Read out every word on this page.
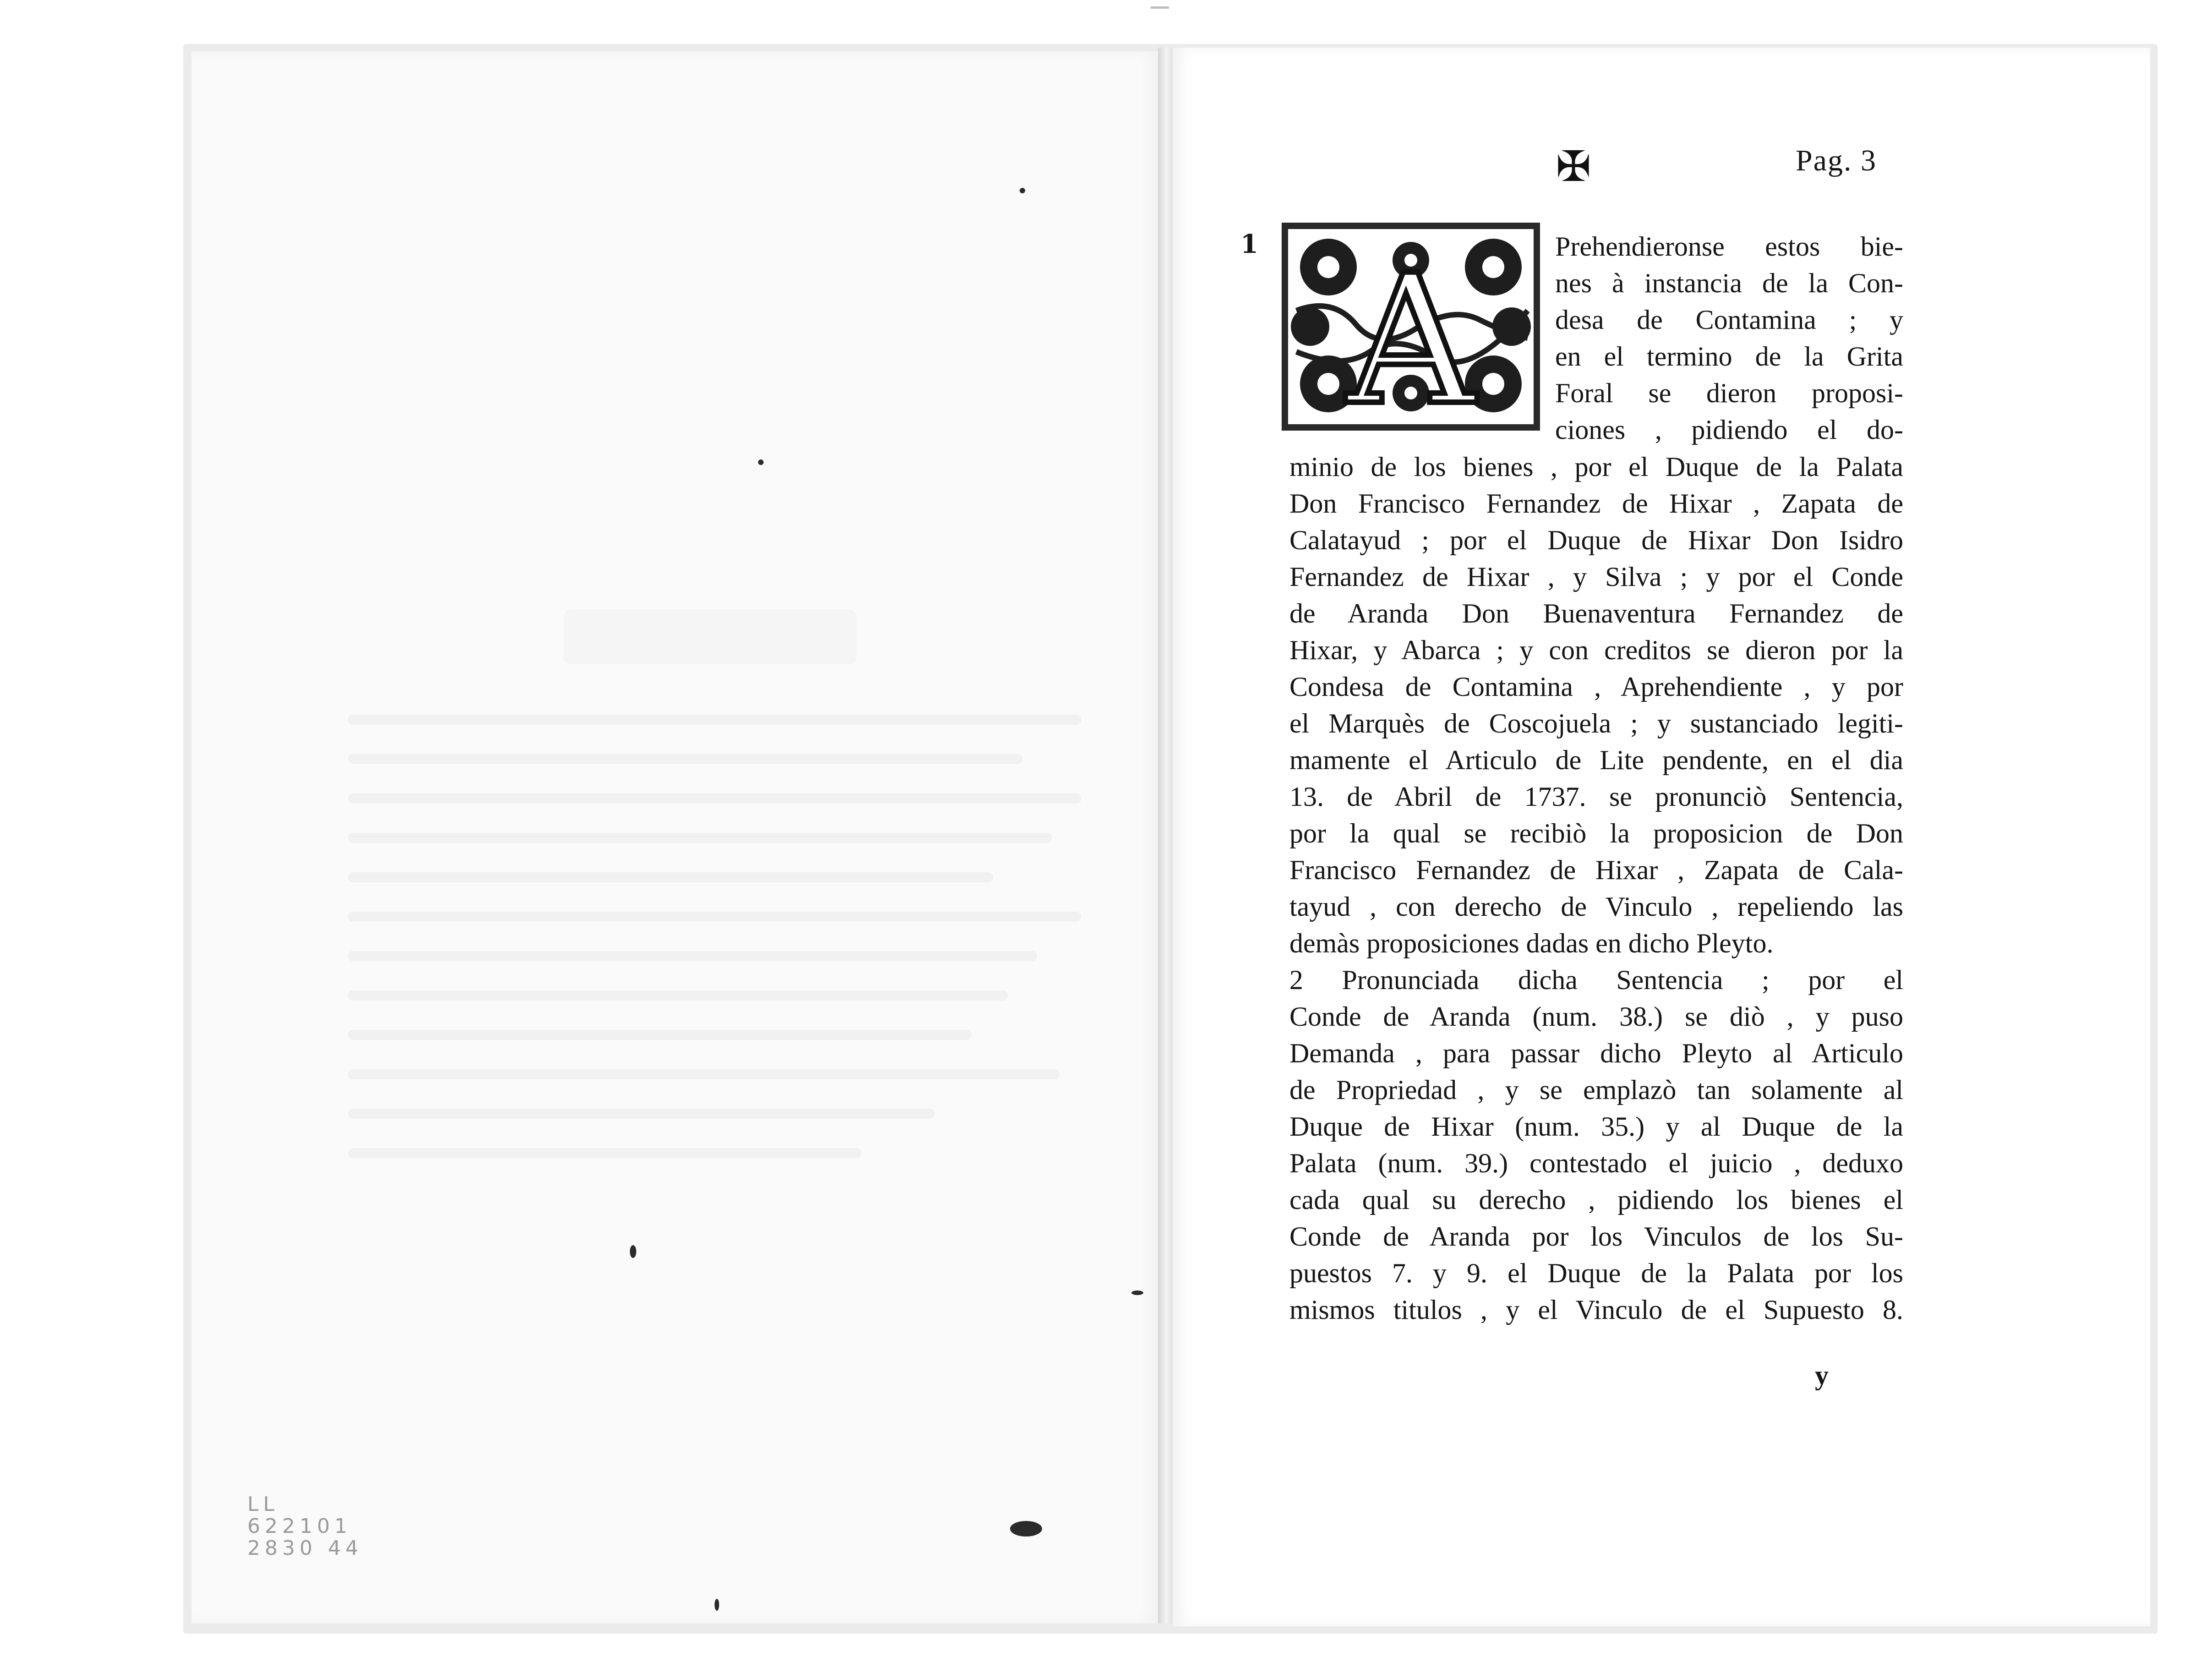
LL
622101
2830 44
✠	Pag. 3
1 A	Prehendieronse estos bie-
nes à instancia de la Con-
desa de Contamina ; y
en el termino de la Grita
Foral se dieron proposi-
ciones , pidiendo el do-
minio de los bienes , por el Duque de la Palata
Don Francisco Fernandez de Hixar , Zapata de
Calatayud ; por el Duque de Hixar Don Isidro
Fernandez de Hixar , y Silva ; y por el Conde
de Aranda Don Buenaventura Fernandez de
Hixar, y Abarca ; y con creditos se dieron por la
Condesa de Contamina , Aprehendiente , y por
el Marquès de Coscojuela ; y sustanciado legiti-
mamente el Articulo de Lite pendente, en el dia
13. de Abril de 1737. se pronunciò Sentencia,
por la qual se recibiò la proposicion de Don
Francisco Fernandez de Hixar , Zapata de Cala-
tayud , con derecho de Vinculo , repeliendo las
demàs proposiciones dadas en dicho Pleyto.
2 Pronunciada dicha Sentencia ; por el
Conde de Aranda (num. 38.) se diò , y puso
Demanda , para passar dicho Pleyto al Articulo
de Propriedad , y se emplazò tan solamente al
Duque de Hixar (num. 35.) y al Duque de la
Palata (num. 39.) contestado el juicio , deduxo
cada qual su derecho , pidiendo los bienes el
Conde de Aranda por los Vinculos de los Su-
puestos 7. y 9. el Duque de la Palata por los
mismos titulos , y el Vinculo de el Supuesto 8.
y
